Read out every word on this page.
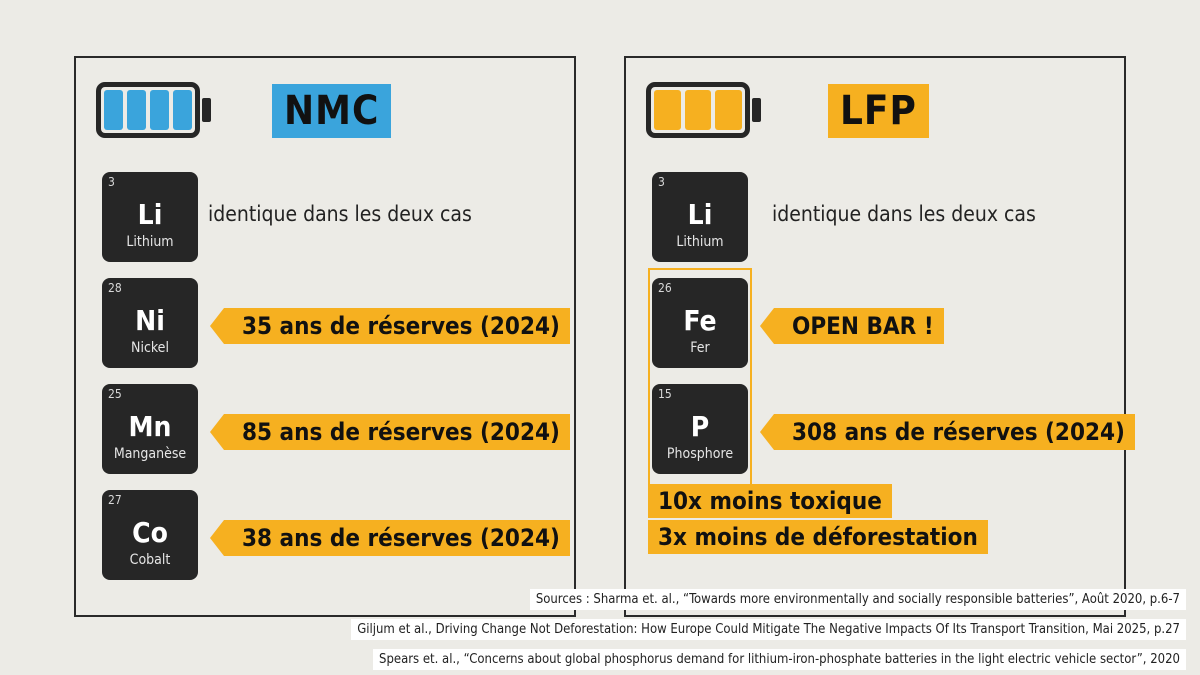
NMC
3
Li
Lithium
identique dans les deux cas
28
Ni
Nickel
35 ans de réserves (2024)
25
Mn
Manganèse
85 ans de réserves (2024)
27
Co
Cobalt
38 ans de réserves (2024)
LFP
3
Li
Lithium
identique dans les deux cas
26
Fe
Fer
OPEN BAR !
15
P
Phosphore
308 ans de réserves (2024)
10x moins toxique
3x moins de déforestation
Sources : Sharma et. al., “Towards more environmentally and socially responsible batteries”, Août 2020, p.6-7
Giljum et al., Driving Change Not Deforestation: How Europe Could Mitigate The Negative Impacts Of Its Transport Transition, Mai 2025, p.27
Spears et. al., “Concerns about global phosphorus demand for lithium-iron-phosphate batteries in the light electric vehicle sector”, 2020
